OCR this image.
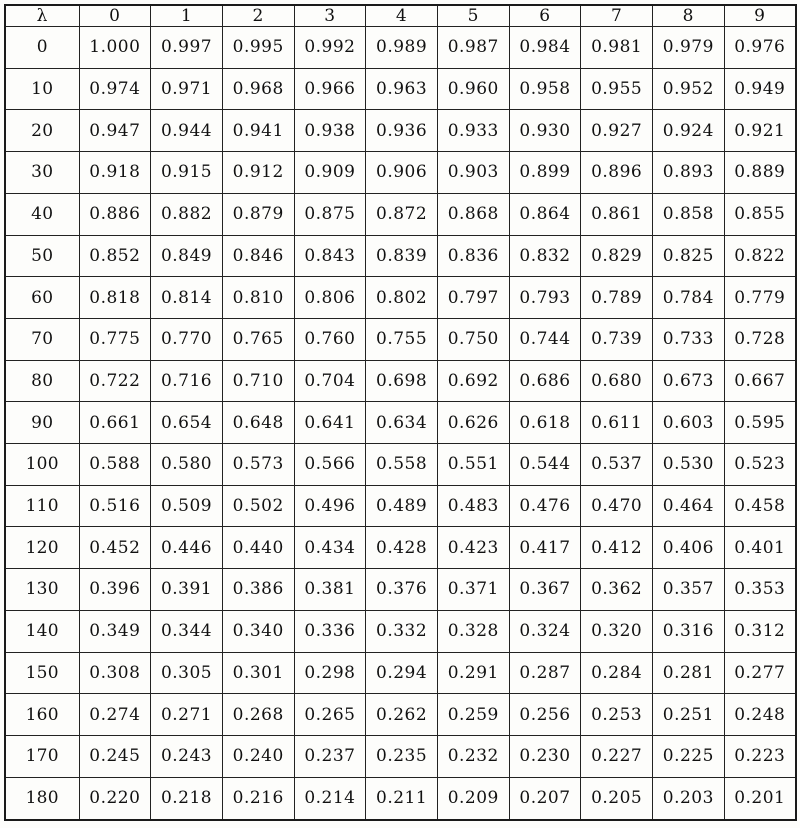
λ	0	1	2	3	4	5	6	7	8	9
0	1.000	0.997	0.995	0.992	0.989	0.987	0.984	0.981	0.979	0.976
10	0.974	0.971	0.968	0.966	0.963	0.960	0.958	0.955	0.952	0.949
20	0.947	0.944	0.941	0.938	0.936	0.933	0.930	0.927	0.924	0.921
30	0.918	0.915	0.912	0.909	0.906	0.903	0.899	0.896	0.893	0.889
40	0.886	0.882	0.879	0.875	0.872	0.868	0.864	0.861	0.858	0.855
50	0.852	0.849	0.846	0.843	0.839	0.836	0.832	0.829	0.825	0.822
60	0.818	0.814	0.810	0.806	0.802	0.797	0.793	0.789	0.784	0.779
70	0.775	0.770	0.765	0.760	0.755	0.750	0.744	0.739	0.733	0.728
80	0.722	0.716	0.710	0.704	0.698	0.692	0.686	0.680	0.673	0.667
90	0.661	0.654	0.648	0.641	0.634	0.626	0.618	0.611	0.603	0.595
100	0.588	0.580	0.573	0.566	0.558	0.551	0.544	0.537	0.530	0.523
110	0.516	0.509	0.502	0.496	0.489	0.483	0.476	0.470	0.464	0.458
120	0.452	0.446	0.440	0.434	0.428	0.423	0.417	0.412	0.406	0.401
130	0.396	0.391	0.386	0.381	0.376	0.371	0.367	0.362	0.357	0.353
140	0.349	0.344	0.340	0.336	0.332	0.328	0.324	0.320	0.316	0.312
150	0.308	0.305	0.301	0.298	0.294	0.291	0.287	0.284	0.281	0.277
160	0.274	0.271	0.268	0.265	0.262	0.259	0.256	0.253	0.251	0.248
170	0.245	0.243	0.240	0.237	0.235	0.232	0.230	0.227	0.225	0.223
180	0.220	0.218	0.216	0.214	0.211	0.209	0.207	0.205	0.203	0.201
